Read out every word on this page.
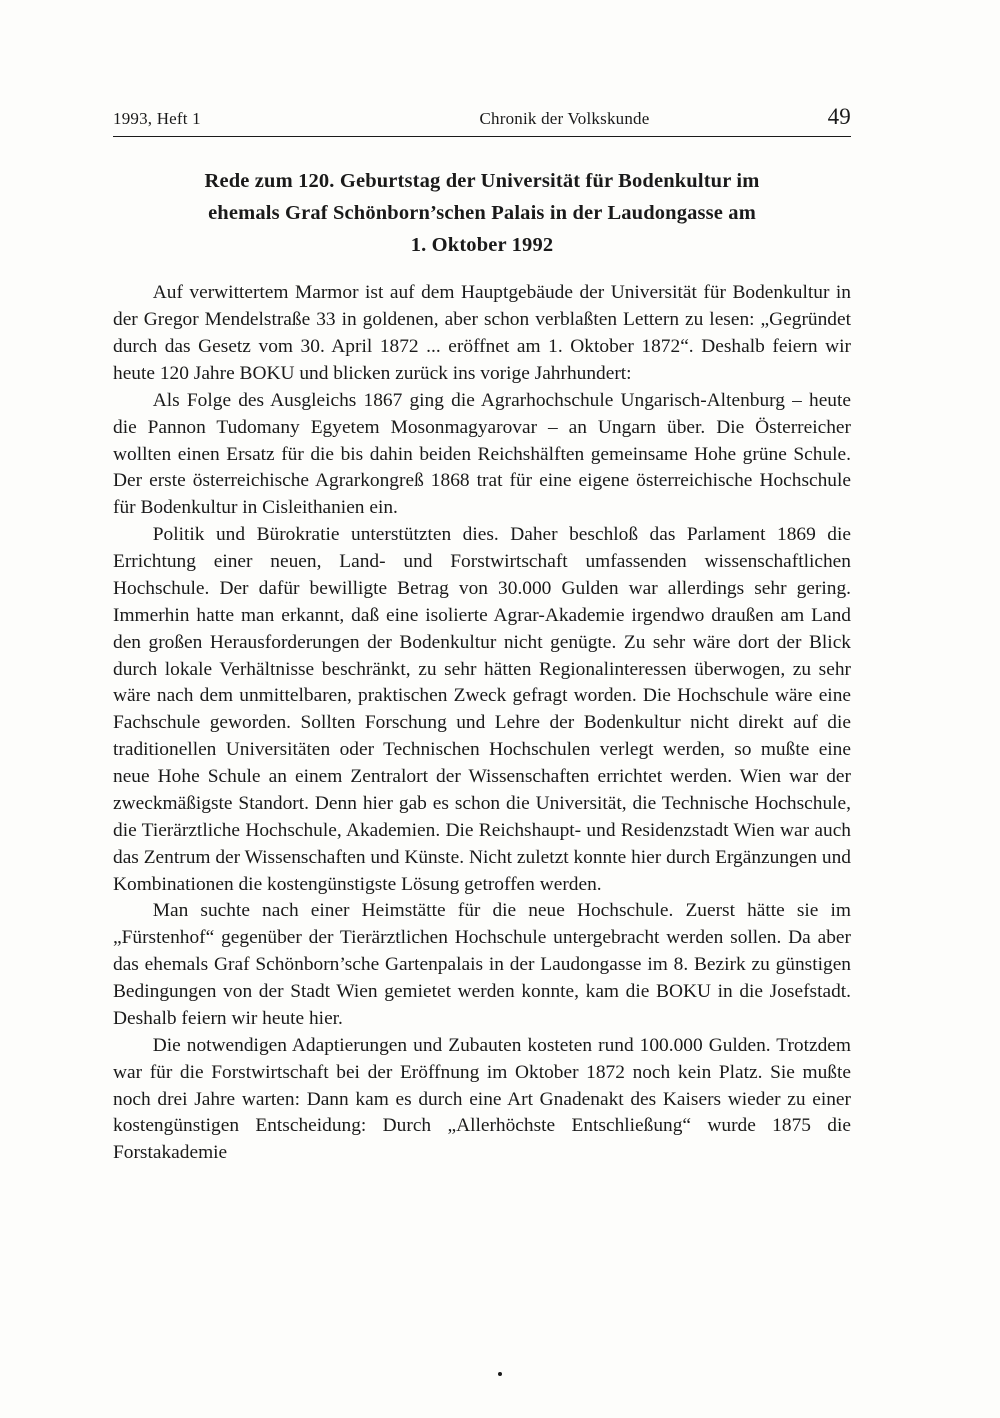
1993, Heft 1	Chronik der Volkskunde	49
Rede zum 120. Geburtstag der Universität für Bodenkultur im
ehemals Graf Schönborn’schen Palais in der Laudongasse am
1. Oktober 1992

Auf verwittertem Marmor ist auf dem Hauptgebäude der Universität für Bodenkultur in der Gregor Mendelstraße 33 in goldenen, aber schon verblaßten Lettern zu lesen: „Gegründet durch das Gesetz vom 30. April 1872 ... eröffnet am 1. Oktober 1872“. Deshalb feiern wir heute 120 Jahre BOKU und blicken zurück ins vorige Jahrhundert:

Als Folge des Ausgleichs 1867 ging die Agrarhochschule Ungarisch-Altenburg – heute die Pannon Tudomany Egyetem Mosonmagyarovar – an Ungarn über. Die Österreicher wollten einen Ersatz für die bis dahin beiden Reichshälften gemeinsame Hohe grüne Schule. Der erste österreichische Agrarkongreß 1868 trat für eine eigene österreichische Hochschule für Bodenkultur in Cisleithanien ein.

Politik und Bürokratie unterstützten dies. Daher beschloß das Parlament 1869 die Errichtung einer neuen, Land- und Forstwirtschaft umfassenden wissenschaftlichen Hochschule. Der dafür bewilligte Betrag von 30.000 Gulden war allerdings sehr gering. Immerhin hatte man erkannt, daß eine isolierte Agrar-Akademie irgendwo draußen am Land den großen Herausforderungen der Bodenkultur nicht genügte. Zu sehr wäre dort der Blick durch lokale Verhältnisse beschränkt, zu sehr hätten Regionalinteressen überwogen, zu sehr wäre nach dem unmittelbaren, praktischen Zweck gefragt worden. Die Hochschule wäre eine Fachschule geworden. Sollten Forschung und Lehre der Bodenkultur nicht direkt auf die traditionellen Universitäten oder Technischen Hochschulen verlegt werden, so mußte eine neue Hohe Schule an einem Zentralort der Wissenschaften errichtet werden. Wien war der zweckmäßigste Standort. Denn hier gab es schon die Universität, die Technische Hochschule, die Tierärztliche Hochschule, Akademien. Die Reichshaupt- und Residenzstadt Wien war auch das Zentrum der Wissenschaften und Künste. Nicht zuletzt konnte hier durch Ergänzungen und Kombinationen die kostengünstigste Lösung getroffen werden.

Man suchte nach einer Heimstätte für die neue Hochschule. Zuerst hätte sie im „Fürstenhof“ gegenüber der Tierärztlichen Hochschule untergebracht werden sollen. Da aber das ehemals Graf Schönborn’sche Gartenpalais in der Laudongasse im 8. Bezirk zu günstigen Bedingungen von der Stadt Wien gemietet werden konnte, kam die BOKU in die Josefstadt. Deshalb feiern wir heute hier.

Die notwendigen Adaptierungen und Zubauten kosteten rund 100.000 Gulden. Trotzdem war für die Forstwirtschaft bei der Eröffnung im Oktober 1872 noch kein Platz. Sie mußte noch drei Jahre warten: Dann kam es durch eine Art Gnadenakt des Kaisers wieder zu einer kostengünstigen Entscheidung: Durch „Allerhöchste Entschließung“ wurde 1875 die Forstakademie
